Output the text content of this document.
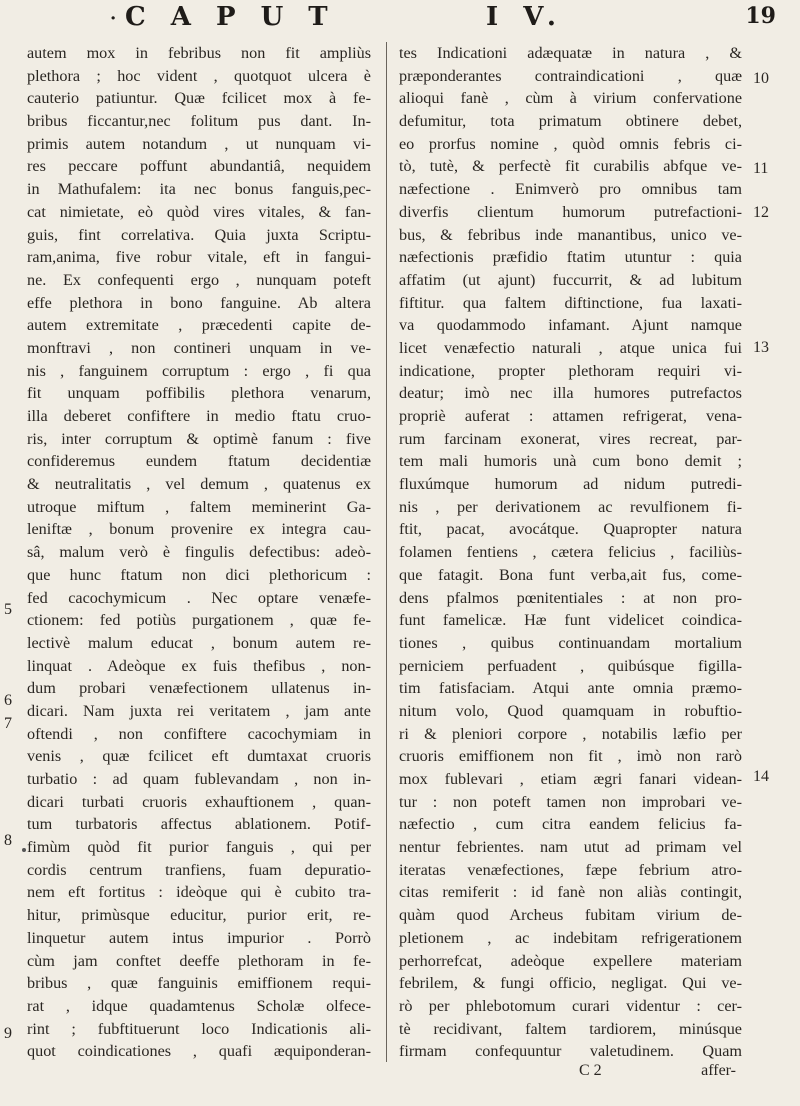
· C A P U T	I V.	19
autem mox in febribus non fit ampliùs
plethora ; hoc vident , quotquot ulcera è
cauterio patiuntur. Quæ fcilicet mox à fe-
bribus ficcantur,nec folitum pus dant. In-
primis autem notandum , ut nunquam vi-
res peccare poffunt abundantiâ, nequidem
in Mathufalem: ita nec bonus fanguis,pec-
cat nimietate, eò quòd vires vitales, & fan-
guis, fint correlativa. Quia juxta Scriptu-
ram,anima, five robur vitale, eft in fangui-
ne. Ex confequenti ergo , nunquam poteft
effe plethora in bono fanguine. Ab altera
autem extremitate , præcedenti capite de-
monftravi , non contineri unquam in ve-
nis , fanguinem corruptum : ergo , fi qua
fit unquam poffibilis plethora venarum,
illa deberet confiftere in medio ftatu cruo-
ris, inter corruptum & optimè fanum : five
confideremus eundem ftatum decidentiæ
& neutralitatis , vel demum , quatenus ex
utroque miftum , faltem meminerint Ga-
leniftæ , bonum provenire ex integra cau-
sâ, malum verò è fingulis defectibus: adeò-
que hunc ftatum non dici plethoricum :
fed cacochymicum . Nec optare venæfe-
ctionem: fed potiùs purgationem , quæ fe-
lectivè malum educat , bonum autem re-
linquat . Adeòque ex fuis thefibus , non-
dum probari venæfectionem ullatenus in-
dicari. Nam juxta rei veritatem , jam ante
oftendi , non confiftere cacochymiam in
venis , quæ fcilicet eft dumtaxat cruoris
turbatio : ad quam fublevandam , non in-
dicari turbati cruoris exhauftionem , quan-
tum turbatoris affectus ablationem. Potif-
fimùm quòd fit purior fanguis , qui per
cordis centrum tranfiens, fuam depuratio-
nem eft fortitus : ideòque qui è cubito tra-
hitur, primùsque educitur, purior erit, re-
linquetur autem intus impurior . Porrò
cùm jam conftet deeffe plethoram in fe-
bribus , quæ fanguinis emiffionem requi-
rat , idque quadamtenus Scholæ olfece-
rint ; fubftituerunt loco Indicationis ali-
quot coindicationes , quafi æquiponderan-
tes Indicationi adæquatæ in natura , &
præponderantes contraindicationi , quæ
alioqui fanè , cùm à virium confervatione
defumitur, tota primatum obtinere debet,
eo prorfus nomine , quòd omnis febris ci-
tò, tutè, & perfectè fit curabilis abfque ve-
næfectione . Enimverò pro omnibus tam
diverfis clientum humorum putrefactioni-
bus, & febribus inde manantibus, unico ve-
næfectionis præfidio ftatim utuntur : quia
affatim (ut ajunt) fuccurrit, & ad lubitum
fiftitur. qua faltem diftinctione, fua laxati-
va quodammodo infamant. Ajunt namque
licet venæfectio naturali , atque unica fui
indicatione, propter plethoram requiri vi-
deatur; imò nec illa humores putrefactos
propriè auferat : attamen refrigerat, vena-
rum farcinam exonerat, vires recreat, par-
tem mali humoris unà cum bono demit ;
fluxúmque humorum ad nidum putredi-
nis , per derivationem ac revulfionem fi-
ftit, pacat, avocátque. Quapropter natura
folamen fentiens , cætera felicius , faciliùs-
que fatagit. Bona funt verba,ait fus, come-
dens pfalmos pœnitentiales : at non pro-
funt famelicæ. Hæ funt videlicet coindica-
tiones , quibus continuandam mortalium
perniciem perfuadent , quibúsque figilla-
tim fatisfaciam. Atqui ante omnia præmo-
nitum volo, Quod quamquam in robuftio-
ri & pleniori corpore , notabilis læfio per
cruoris emiffionem non fit , imò non rarò
mox fublevari , etiam ægri fanari videan-
tur : non poteft tamen non improbari ve-
næfectio , cum citra eandem felicius fa-
nentur febrientes. nam utut ad primam vel
iteratas venæfectiones, fæpe febrium atro-
citas remiferit : id fanè non aliàs contingit,
quàm quod Archeus fubitam virium de-
pletionem , ac indebitam refrigerationem
perhorrefcat, adeòque expellere materiam
febrilem, & fungi officio, negligat. Qui ve-
rò per phlebotomum curari videntur : cer-
tè recidivant, faltem tardiorem, minúsque
firmam confequuntur valetudinem. Quam
5
6
7
8
9
10
11
12
13
14
C 2	affer-
